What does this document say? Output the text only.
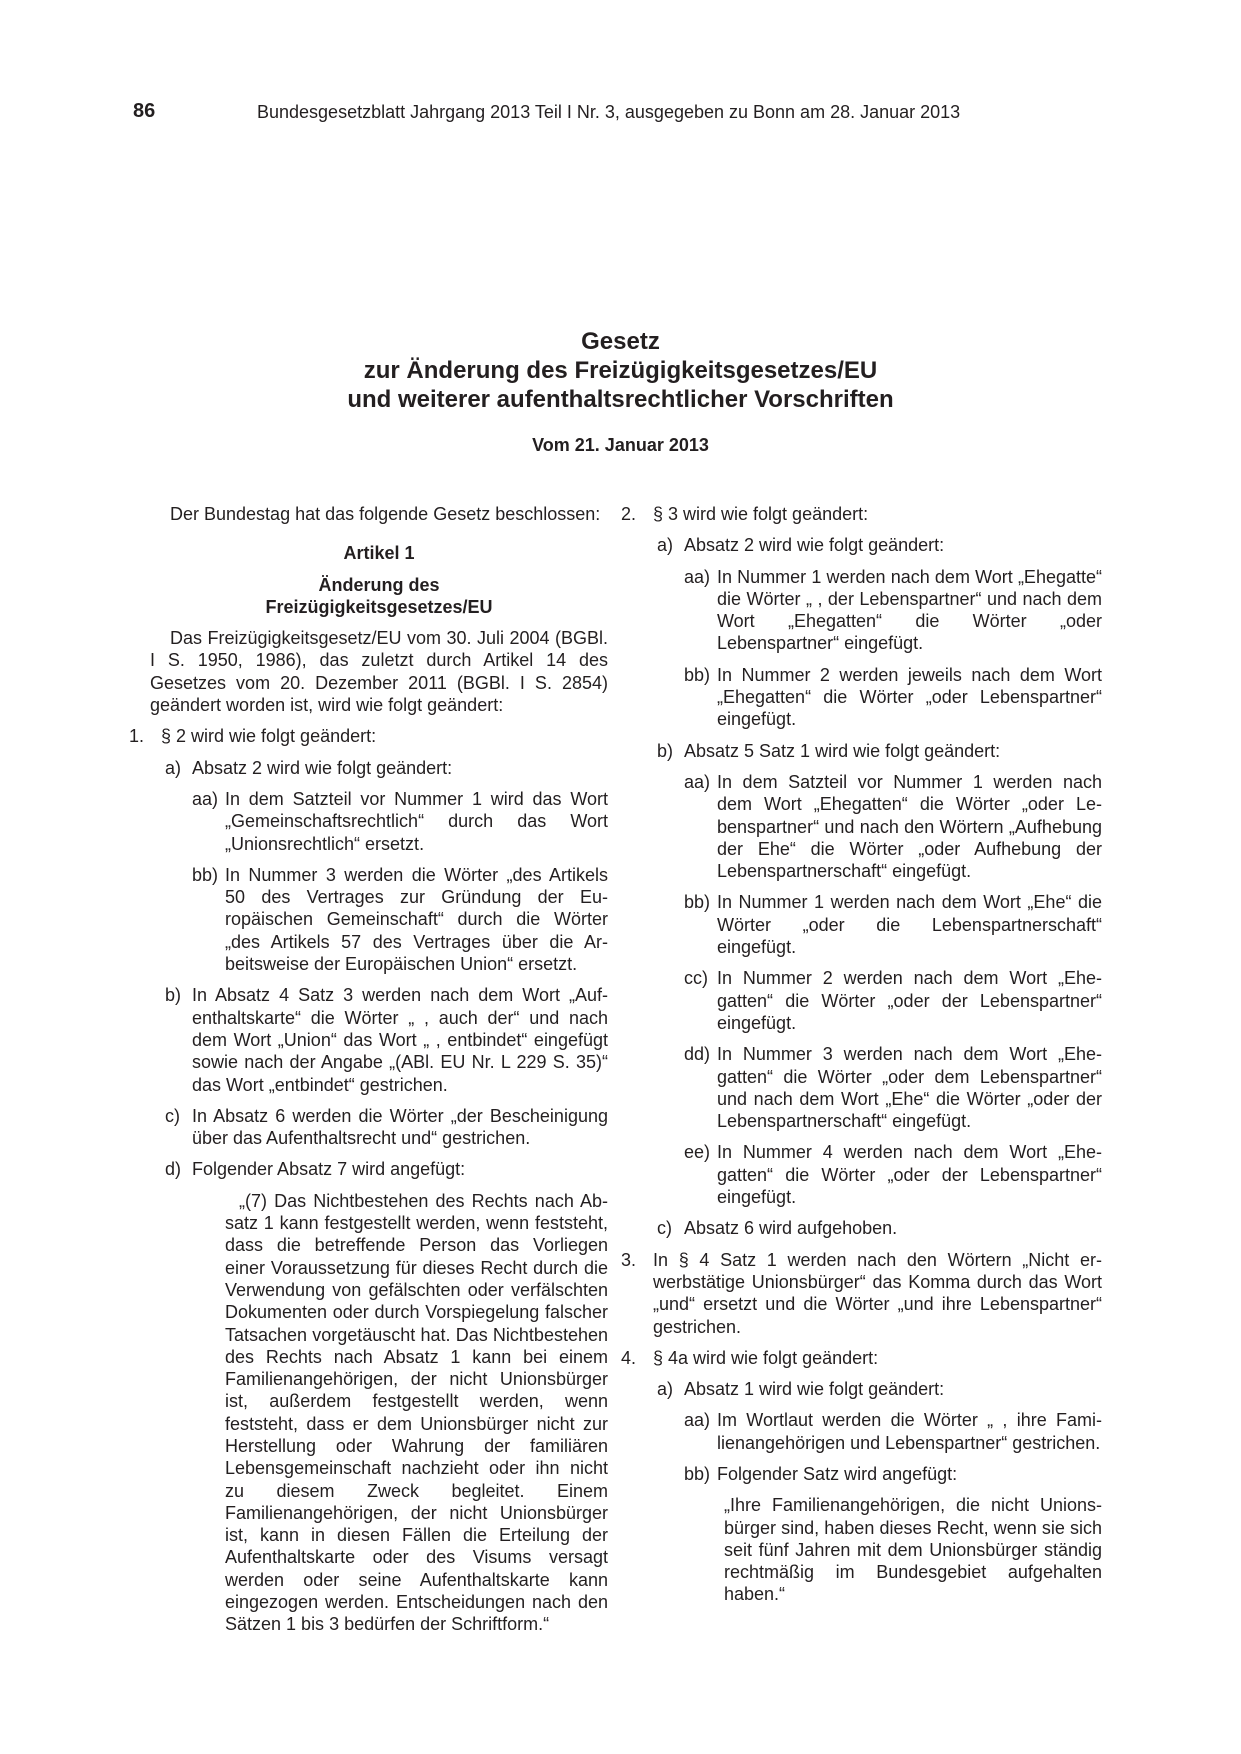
86	Bundesgesetzblatt Jahrgang 2013 Teil I Nr. 3, ausgegeben zu Bonn am 28. Januar 2013
Gesetz
zur Änderung des Freizügigkeitsgesetzes/EU
und weiterer aufenthaltsrechtlicher Vorschriften
Vom 21. Januar 2013

Der Bundestag hat das folgende Gesetz beschlossen:

Artikel 1

Änderung des

Freizügigkeitsgesetzes/EU

Das Freizügigkeitsgesetz/EU vom 30. Juli 2004 (BGBl. I S. 1950, 1986), das zuletzt durch Artikel 14 des Gesetzes vom 20. Dezember 2011 (BGBl. I S. 2854) geändert worden ist, wird wie folgt geändert:

1. § 2 wird wie folgt geändert:
a) Absatz 2 wird wie folgt geändert:
aa) In dem Satzteil vor Nummer 1 wird das Wort „Gemeinschaftsrechtlich“ durch das Wort „Unionsrechtlich“ ersetzt.
bb) In Nummer 3 werden die Wörter „des Artikels 50 des Vertrages zur Gründung der Europäischen Gemeinschaft“ durch die Wörter „des Artikels 57 des Vertrages über die Arbeitsweise der Europäischen Union“ ersetzt.
b) In Absatz 4 Satz 3 werden nach dem Wort „Aufenthaltskarte“ die Wörter „ , auch der“ und nach dem Wort „Union“ das Wort „ , entbindet“ eingefügt sowie nach der Angabe „(ABl. EU Nr. L 229 S. 35)“ das Wort „entbindet“ gestrichen.
c) In Absatz 6 werden die Wörter „der Bescheinigung über das Aufenthaltsrecht und“ gestrichen.
d) Folgender Absatz 7 wird angefügt:

„(7) Das Nichtbestehen des Rechts nach Absatz 1 kann festgestellt werden, wenn feststeht, dass die betreffende Person das Vorliegen einer Voraussetzung für dieses Recht durch die Verwendung von gefälschten oder verfälschten Dokumenten oder durch Vorspiegelung falscher Tatsachen vorgetäuscht hat. Das Nichtbestehen des Rechts nach Absatz 1 kann bei einem Familienangehörigen, der nicht Unionsbürger ist, außerdem festgestellt werden, wenn feststeht, dass er dem Unionsbürger nicht zur Herstellung oder Wahrung der familiären Lebensgemeinschaft nachzieht oder ihn nicht zu diesem Zweck begleitet. Einem Familienangehörigen, der nicht Unionsbürger ist, kann in diesen Fällen die Erteilung der Aufenthaltskarte oder des Visums versagt werden oder seine Aufenthaltskarte kann eingezogen werden. Entscheidungen nach den Sätzen 1 bis 3 bedürfen der Schriftform.“

2. § 3 wird wie folgt geändert:
a) Absatz 2 wird wie folgt geändert:
aa) In Nummer 1 werden nach dem Wort „Ehegatte“ die Wörter „ , der Lebenspartner“ und nach dem Wort „Ehegatten“ die Wörter „oder Lebenspartner“ eingefügt.
bb) In Nummer 2 werden jeweils nach dem Wort „Ehegatten“ die Wörter „oder Lebenspartner“ eingefügt.
b) Absatz 5 Satz 1 wird wie folgt geändert:
aa) In dem Satzteil vor Nummer 1 werden nach dem Wort „Ehegatten“ die Wörter „oder Lebenspartner“ und nach den Wörtern „Aufhebung der Ehe“ die Wörter „oder Aufhebung der Lebenspartnerschaft“ eingefügt.
bb) In Nummer 1 werden nach dem Wort „Ehe“ die Wörter „oder die Lebenspartnerschaft“ eingefügt.
cc) In Nummer 2 werden nach dem Wort „Ehegatten“ die Wörter „oder der Lebenspartner“ eingefügt.
dd) In Nummer 3 werden nach dem Wort „Ehegatten“ die Wörter „oder dem Lebenspartner“ und nach dem Wort „Ehe“ die Wörter „oder der Lebenspartnerschaft“ eingefügt.
ee) In Nummer 4 werden nach dem Wort „Ehegatten“ die Wörter „oder der Lebenspartner“ eingefügt.
c) Absatz 6 wird aufgehoben.
3. In § 4 Satz 1 werden nach den Wörtern „Nicht erwerbstätige Unionsbürger“ das Komma durch das Wort „und“ ersetzt und die Wörter „und ihre Lebenspartner“ gestrichen.
4. § 4a wird wie folgt geändert:
a) Absatz 1 wird wie folgt geändert:
aa) Im Wortlaut werden die Wörter „ , ihre Familienangehörigen und Lebenspartner“ gestrichen.
bb) Folgender Satz wird angefügt:

„Ihre Familienangehörigen, die nicht Unionsbürger sind, haben dieses Recht, wenn sie sich seit fünf Jahren mit dem Unionsbürger ständig rechtmäßig im Bundesgebiet aufgehalten haben.“
